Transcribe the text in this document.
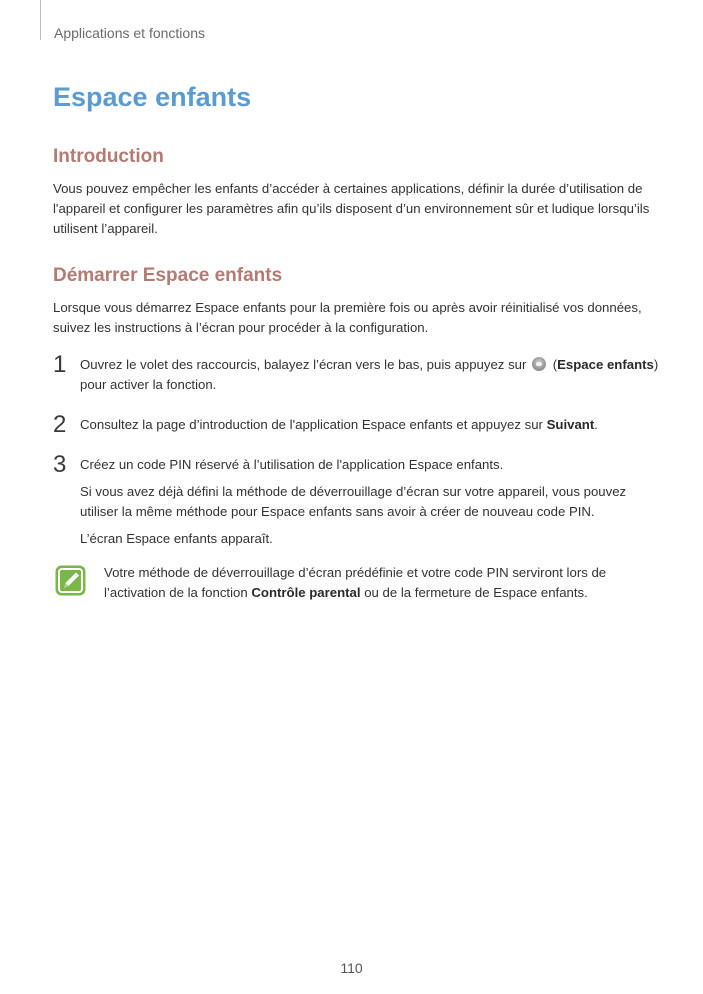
Applications et fonctions
Espace enfants
Introduction

Vous pouvez empêcher les enfants d’accéder à certaines applications, définir la durée d’utilisation de l'appareil et configurer les paramètres afin qu’ils disposent d’un environnement sûr et ludique lorsqu’ils utilisent l’appareil.

Démarrer Espace enfants

Lorsque vous démarrez Espace enfants pour la première fois ou après avoir réinitialisé vos données, suivez les instructions à l’écran pour procéder à la configuration.

1 Ouvrez le volet des raccourcis, balayez l’écran vers le bas, puis appuyez sur  (Espace enfants) pour activer la fonction.

2 Consultez la page d’introduction de l'application Espace enfants et appuyez sur Suivant.

3 Créez un code PIN réservé à l’utilisation de l'application Espace enfants.

Si vous avez déjà défini la méthode de déverrouillage d’écran sur votre appareil, vous pouvez utiliser la même méthode pour Espace enfants sans avoir à créer de nouveau code PIN.

L’écran Espace enfants apparaît.

Votre méthode de déverrouillage d’écran prédéfinie et votre code PIN serviront lors de l’activation de la fonction Contrôle parental ou de la fermeture de Espace enfants.

110
